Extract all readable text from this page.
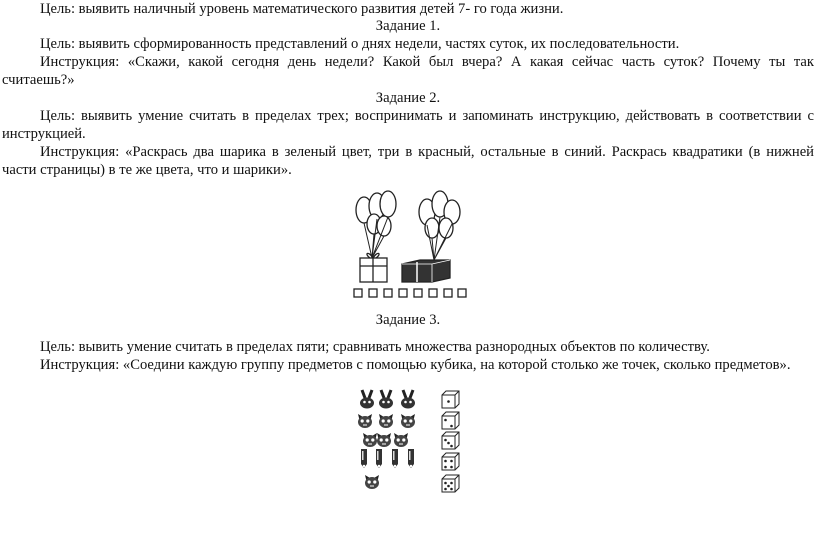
Цель: выявить наличный уровень математического развития детей 7- го года жизни.
Задание 1.
Цель: выявить сформированность представлений о днях недели, частях суток, их последовательности.
Инструкция: «Скажи, какой сегодня день недели? Какой был вчера? А какая сейчас часть суток? Почему ты так
считаешь?»
Задание 2.
Цель: выявить умение считать в пределах трех; воспринимать и запоминать инструкцию, действовать в соответствии с
инструкцией.
Инструкция: «Раскрась два шарика в зеленый цвет, три в красный, остальные в синий. Раскрась квадратики (в нижней
части страницы) в те же цвета, что и шарики».
Задание 3.
Цель: вывить умение считать в пределах пяти; сравнивать множества разнородных объектов по количеству.
Инструкция: «Соедини каждую группу предметов с помощью кубика, на которой столько же точек, сколько предметов».
